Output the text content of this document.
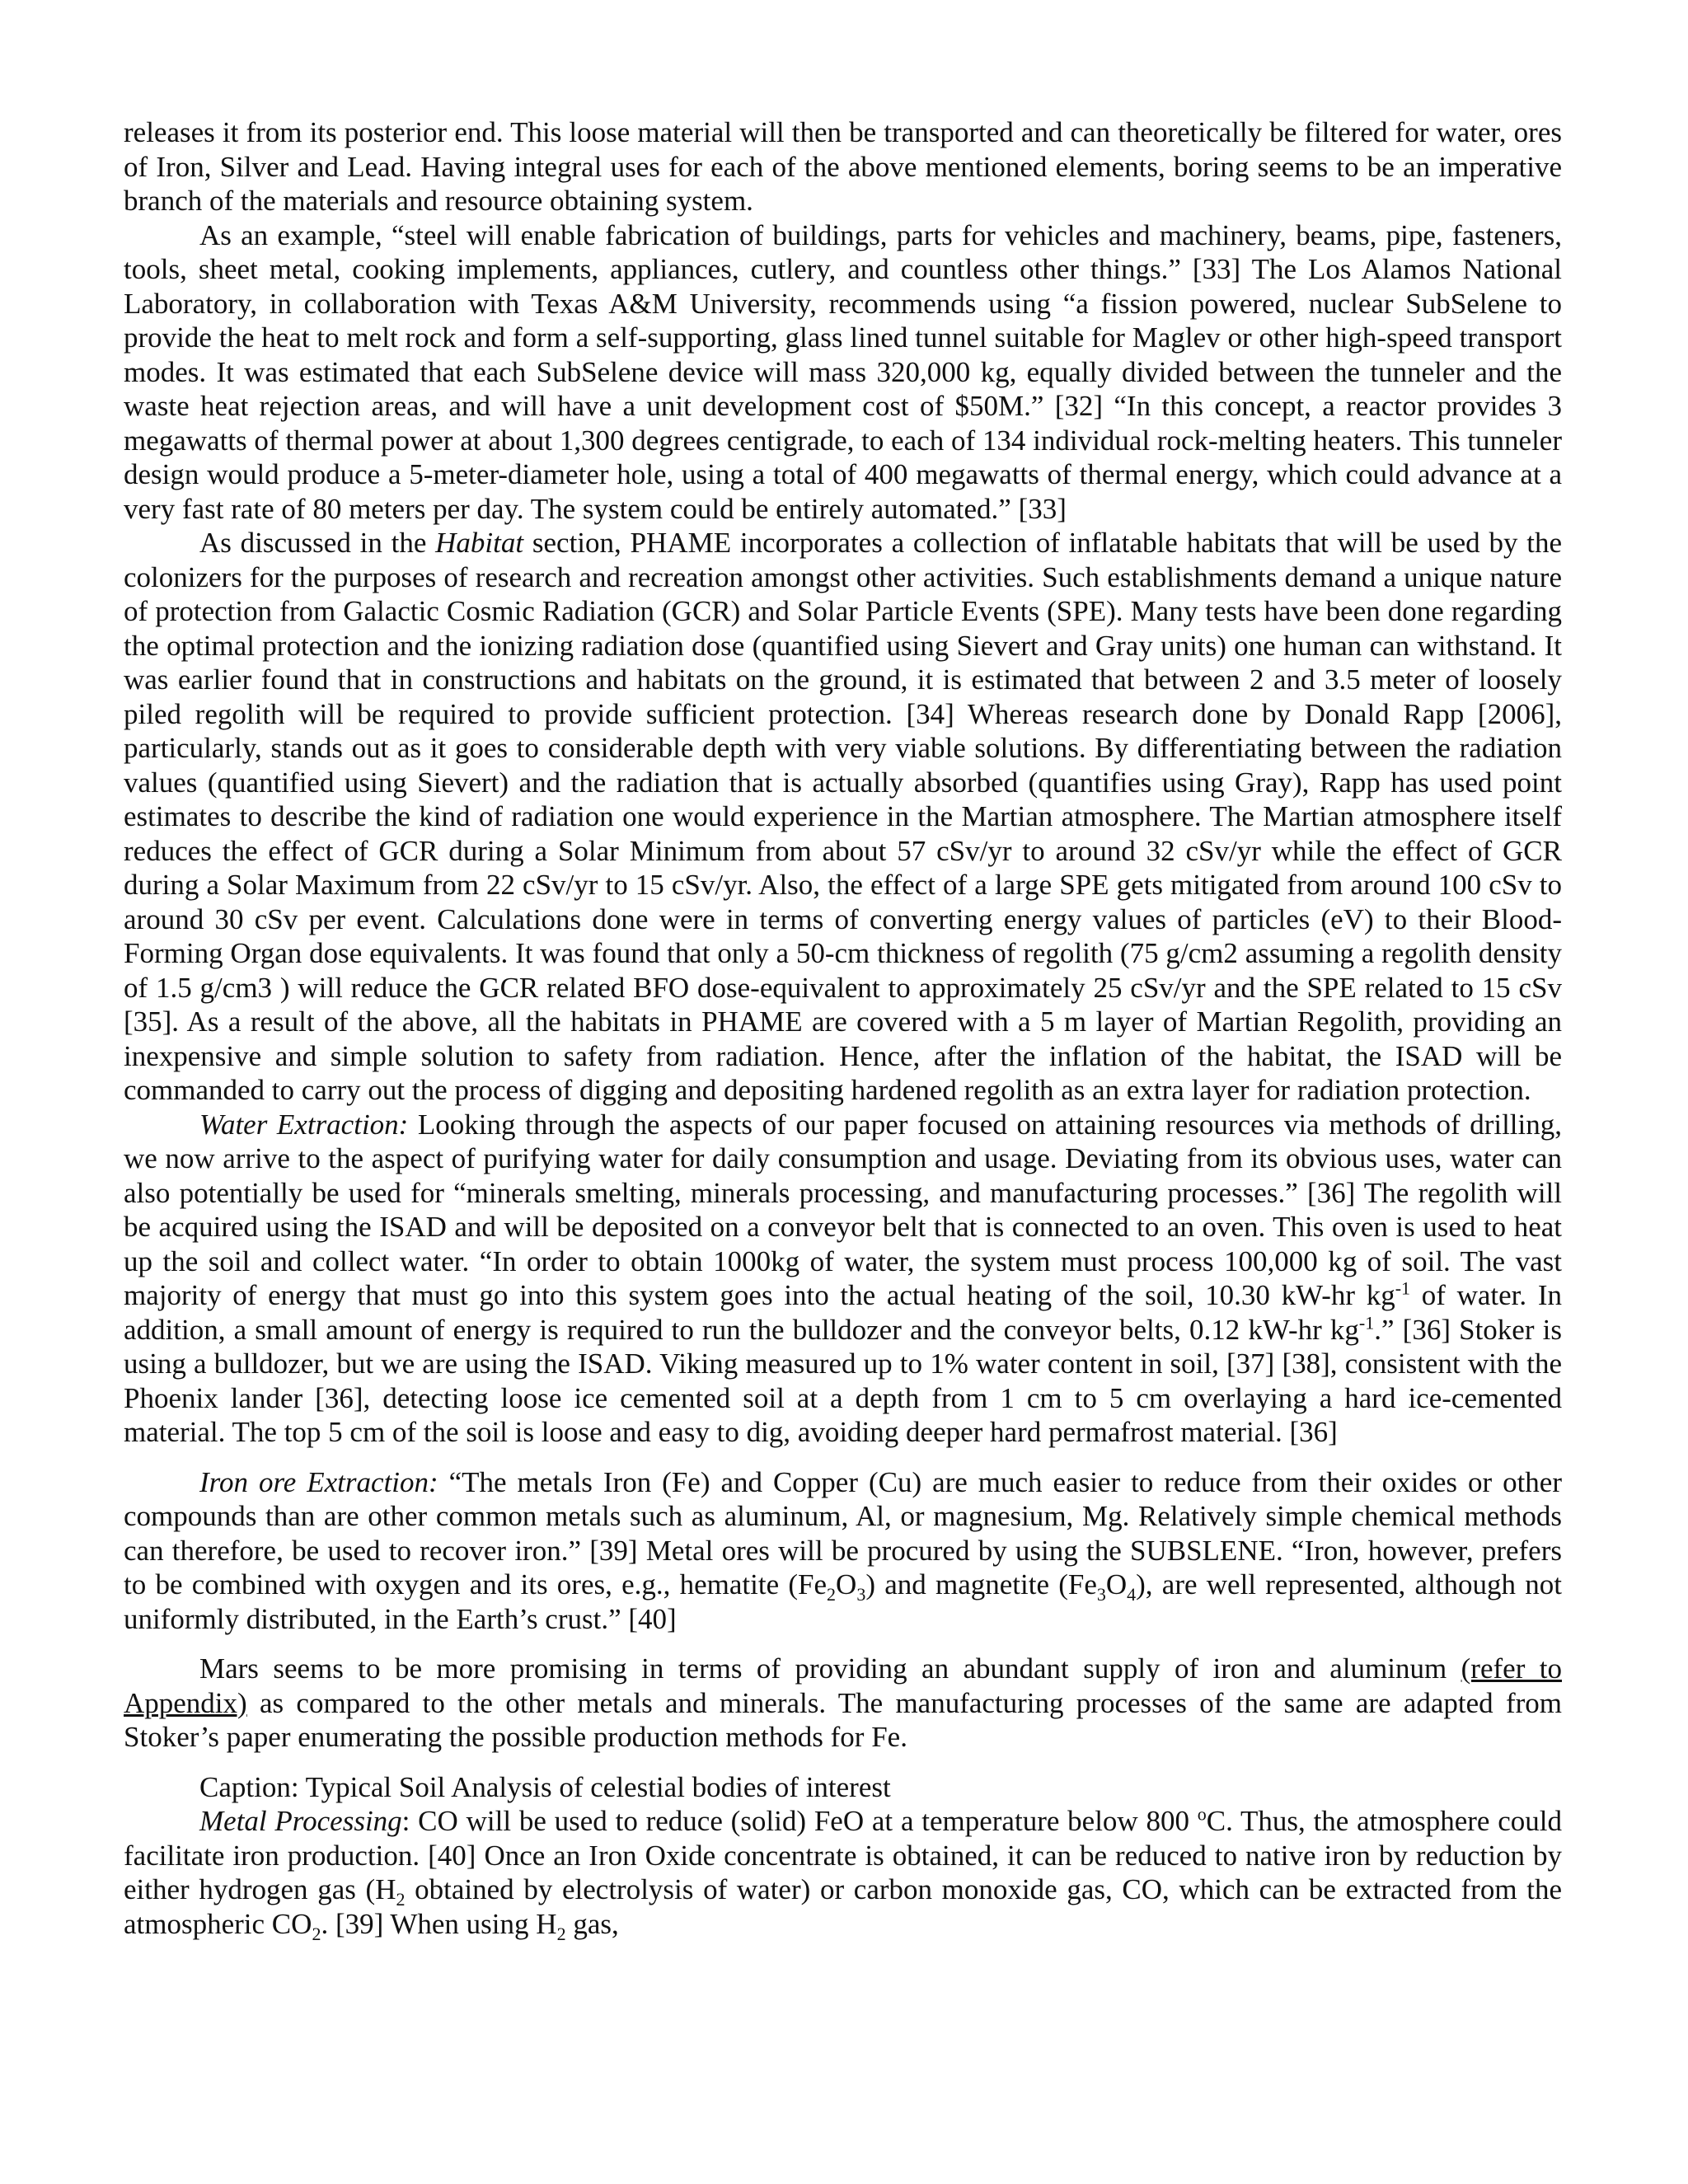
releases it from its posterior end. This loose material will then be transported and can theoretically be filtered for water, ores of Iron, Silver and Lead. Having integral uses for each of the above mentioned elements, boring seems to be an imperative branch of the materials and resource obtaining system.

As an example, “steel will enable fabrication of buildings, parts for vehicles and machinery, beams, pipe, fasteners, tools, sheet metal, cooking implements, appliances, cutlery, and countless other things.” [33] The Los Alamos National Laboratory, in collaboration with Texas A&M University, recommends using “a fission powered, nuclear SubSelene to provide the heat to melt rock and form a self-supporting, glass lined tunnel suitable for Maglev or other high-speed transport modes. It was estimated that each SubSelene device will mass 320,000 kg, equally divided between the tunneler and the waste heat rejection areas, and will have a unit development cost of $50M.” [32] “In this concept, a reactor provides 3 megawatts of thermal power at about 1,300 degrees centigrade, to each of 134 individual rock-melting heaters. This tunneler design would produce a 5-meter-diameter hole, using a total of 400 megawatts of thermal energy, which could advance at a very fast rate of 80 meters per day. The system could be entirely automated.” [33]

As discussed in the Habitat section, PHAME incorporates a collection of inflatable habitats that will be used by the colonizers for the purposes of research and recreation amongst other activities. Such establishments demand a unique nature of protection from Galactic Cosmic Radiation (GCR) and Solar Particle Events (SPE). Many tests have been done regarding the optimal protection and the ionizing radiation dose (quantified using Sievert and Gray units) one human can withstand. It was earlier found that in constructions and habitats on the ground, it is estimated that between 2 and 3.5 meter of loosely piled regolith will be required to provide sufficient protection. [34] Whereas research done by Donald Rapp [2006], particularly, stands out as it goes to considerable depth with very viable solutions. By differentiating between the radiation values (quantified using Sievert) and the radiation that is actually absorbed (quantifies using Gray), Rapp has used point estimates to describe the kind of radiation one would experience in the Martian atmosphere. The Martian atmosphere itself reduces the effect of GCR during a Solar Minimum from about 57 cSv/yr to around 32 cSv/yr while the effect of GCR during a Solar Maximum from 22 cSv/yr to 15 cSv/yr. Also, the effect of a large SPE gets mitigated from around 100 cSv to around 30 cSv per event. Calculations done were in terms of converting energy values of particles (eV) to their Blood-Forming Organ dose equivalents. It was found that only a 50-cm thickness of regolith (75 g/cm2 assuming a regolith density of 1.5 g/cm3 ) will reduce the GCR related BFO dose-equivalent to approximately 25 cSv/yr and the SPE related to 15 cSv [35]. As a result of the above, all the habitats in PHAME are covered with a 5 m layer of Martian Regolith, providing an inexpensive and simple solution to safety from radiation. Hence, after the inflation of the habitat, the ISAD will be commanded to carry out the process of digging and depositing hardened regolith as an extra layer for radiation protection.

Water Extraction: Looking through the aspects of our paper focused on attaining resources via methods of drilling, we now arrive to the aspect of purifying water for daily consumption and usage. Deviating from its obvious uses, water can also potentially be used for “minerals smelting, minerals processing, and manufacturing processes.” [36] The regolith will be acquired using the ISAD and will be deposited on a conveyor belt that is connected to an oven. This oven is used to heat up the soil and collect water. “In order to obtain 1000kg of water, the system must process 100,000 kg of soil. The vast majority of energy that must go into this system goes into the actual heating of the soil, 10.30 kW-hr $kg^{-1}$ of water. In addition, a small amount of energy is required to run the bulldozer and the conveyor belts, 0.12 kW-hr $kg^{-1}$.” [36] Stoker is using a bulldozer, but we are using the ISAD. Viking measured up to 1% water content in soil, [37] [38], consistent with the Phoenix lander [36], detecting loose ice cemented soil at a depth from 1 cm to 5 cm overlaying a hard ice-cemented material. The top 5 cm of the soil is loose and easy to dig, avoiding deeper hard permafrost material. [36]

Iron ore Extraction: “The metals Iron (Fe) and Copper (Cu) are much easier to reduce from their oxides or other compounds than are other common metals such as aluminum, Al, or magnesium, Mg. Relatively simple chemical methods can therefore, be used to recover iron.” [39] Metal ores will be procured by using the SUBSLENE. “Iron, however, prefers to be combined with oxygen and its ores, e.g., hematite $(Fe_2O_3)$ and magnetite $(Fe_3O_4)$, are well represented, although not uniformly distributed, in the Earth’s crust.” [40]

Mars seems to be more promising in terms of providing an abundant supply of iron and aluminum (refer to Appendix) as compared to the other metals and minerals. The manufacturing processes of the same are adapted from Stoker’s paper enumerating the possible production methods for Fe.

Caption: Typical Soil Analysis of celestial bodies of interest

Metal Processing: CO will be used to reduce (solid) FeO at a temperature below 800 $^o$C. Thus, the atmosphere could facilitate iron production. [40] Once an Iron Oxide concentrate is obtained, it can be reduced to native iron by reduction by either hydrogen gas ($H_2$ obtained by electrolysis of water) or carbon monoxide gas, CO, which can be extracted from the atmospheric $CO_2$. [39] When using $H_2$ gas,
